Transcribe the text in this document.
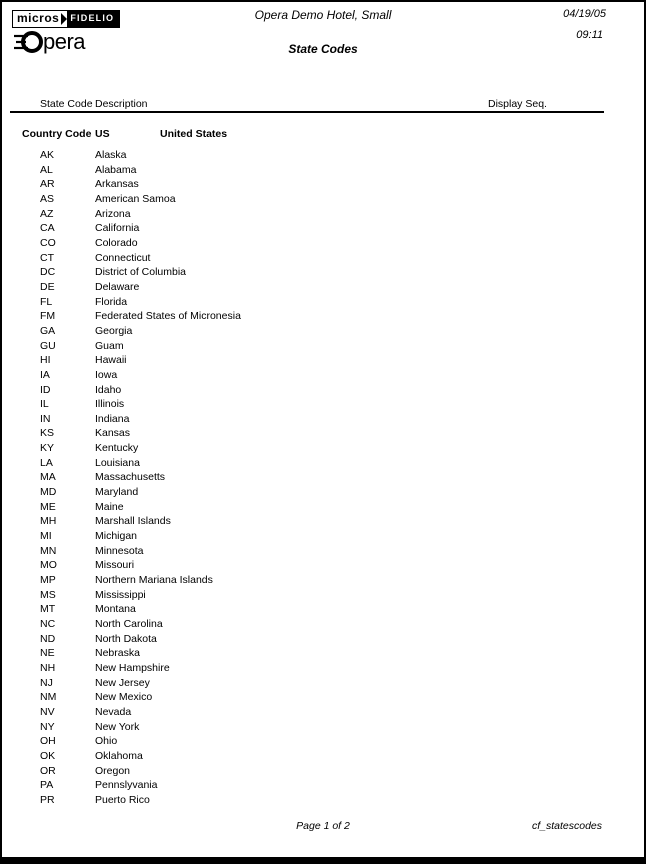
micros	FIDELIO
pera
Opera Demo Hotel, Small
State Codes
04/19/05
09:11
State Code Description	Display Seq.
Country Code US	United States
AK	Alaska
AL	Alabama
AR	Arkansas
AS	American Samoa
AZ	Arizona
CA	California
CO	Colorado
CT	Connecticut
DC	District of Columbia
DE	Delaware
FL	Florida
FM	Federated States of Micronesia
GA	Georgia
GU	Guam
HI	Hawaii
IA	Iowa
ID	Idaho
IL	Illinois
IN	Indiana
KS	Kansas
KY	Kentucky
LA	Louisiana
MA	Massachusetts
MD	Maryland
ME	Maine
MH	Marshall Islands
MI	Michigan
MN	Minnesota
MO	Missouri
MP	Northern Mariana Islands
MS	Mississippi
MT	Montana
NC	North Carolina
ND	North Dakota
NE	Nebraska
NH	New Hampshire
NJ	New Jersey
NM	New Mexico
NV	Nevada
NY	New York
OH	Ohio
OK	Oklahoma
OR	Oregon
PA	Pennslyvania
PR	Puerto Rico
Page 1 of 2	cf_statescodes
